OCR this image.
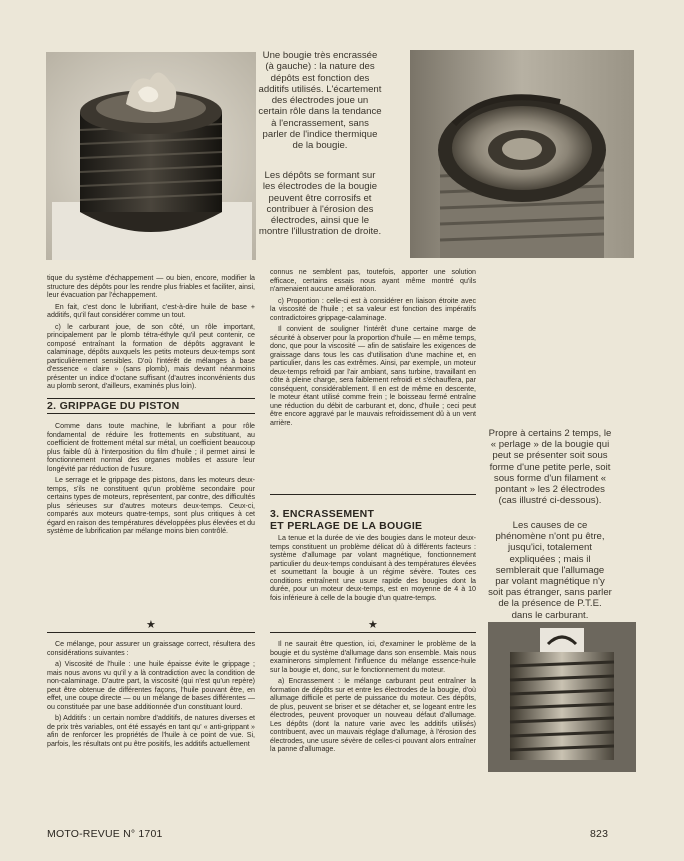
Une bougie très encrassée (à gauche) : la nature des dépôts est fonction des additifs utilisés. L'écartement des électrodes joue un certain rôle dans la tendance à l'encrassement, sans parler de l'indice thermique de la bougie.
Les dépôts se formant sur les électrodes de la bougie peuvent être corrosifs et contribuer à l'érosion des électrodes, ainsi que le montre l'illustration de droite.

tique du système d'échappement — ou bien, encore, modifier la structure des dépôts pour les rendre plus friables et faciliter, ainsi, leur évacuation par l'échappement.

En fait, c'est donc le lubrifiant, c'est-à-dire huile de base + additifs, qu'il faut considérer comme un tout.

c) le carburant joue, de son côté, un rôle important, principalement par le plomb tétra-éthyle qu'il peut contenir, ce composé entraînant la formation de dépôts aggravant le calaminage, dépôts auxquels les petits moteurs deux-temps sont particulièrement sensibles. D'où l'intérêt de mélanges à base d'essence « claire » (sans plomb), mais devant néanmoins présenter un indice d'octane suffisant (d'autres inconvénients dus au plomb seront, d'ailleurs, examinés plus loin).

2. GRIPPAGE DU PISTON

Comme dans toute machine, le lubrifiant a pour rôle fondamental de réduire les frottements en substituant, au coefficient de frottement métal sur métal, un coefficient beaucoup plus faible dû à l'interposition du film d'huile ; il permet ainsi le fonctionnement normal des organes mobiles et assure leur longévité par réduction de l'usure.

Le serrage et le grippage des pistons, dans les moteurs deux-temps, s'ils ne constituent qu'un problème secondaire pour certains types de moteurs, représentent, par contre, des difficultés plus sérieuses sur d'autres moteurs deux-temps. Ceux-ci, comparés aux moteurs quatre-temps, sont plus critiques à cet égard en raison des températures développées plus élevées et du système de lubrification par mélange moins bien contrôlé.

★

Ce mélange, pour assurer un graissage correct, résultera des considérations suivantes :

a) Viscosité de l'huile : une huile épaisse évite le grippage ; mais nous avons vu qu'il y a là contradiction avec la condition de non-calaminage. D'autre part, la viscosité (qui n'est qu'un repère) peut être obtenue de différentes façons, l'huile pouvant être, en effet, une coupe directe — ou un mélange de bases différentes — ou constituée par une base additionnée d'un constituant lourd.

b) Additifs : un certain nombre d'additifs, de natures diverses et de prix très variables, ont été essayés en tant qu' « anti-grippant » afin de renforcer les propriétés de l'huile à ce point de vue. Si, parfois, les résultats ont pu être positifs, les additifs actuellement

connus ne semblent pas, toutefois, apporter une solution efficace, certains essais nous ayant même montré qu'ils n'amenaient aucune amélioration.

c) Proportion : celle-ci est à considérer en liaison étroite avec la viscosité de l'huile ; et sa valeur est fonction des impératifs contradictoires grippage-calaminage.

Il convient de souligner l'intérêt d'une certaine marge de sécurité à observer pour la proportion d'huile — en même temps, donc, que pour la viscosité — afin de satisfaire les exigences de graissage dans tous les cas d'utilisation d'une machine et, en particulier, dans les cas extrêmes. Ainsi, par exemple, un moteur deux-temps refroidi par l'air ambiant, sans turbine, travaillant en côte à pleine charge, sera faiblement refroidi et s'échauffera, par conséquent, considérablement. Il en est de même en descente, le moteur étant utilisé comme frein ; le boisseau fermé entraîne une réduction du débit de carburant et, donc, d'huile ; ceci peut être encore aggravé par le mauvais refroidissement dû à un vent arrière.

3. ENCRASSEMENT
ET PERLAGE DE LA BOUGIE

La tenue et la durée de vie des bougies dans le moteur deux-temps constituent un problème délicat dû à différents facteurs : système d'allumage par volant magnétique, fonctionnement particulier du deux-temps conduisant à des températures élevées et soumettant la bougie à un régime sévère. Toutes ces conditions entraînent une usure rapide des bougies dont la durée, pour un moteur deux-temps, est en moyenne de 4 à 10 fois inférieure à celle de la bougie d'un quatre-temps.

★

Il ne saurait être question, ici, d'examiner le problème de la bougie et du système d'allumage dans son ensemble. Mais nous examinerons simplement l'influence du mélange essence-huile sur la bougie et, donc, sur le fonctionnement du moteur.

a) Encrassement : le mélange carburant peut entraîner la formation de dépôts sur et entre les électrodes de la bougie, d'où allumage difficile et perte de puissance du moteur. Ces dépôts, de plus, peuvent se briser et se détacher et, se logeant entre les électrodes, peuvent provoquer un nouveau défaut d'allumage. Les dépôts (dont la nature varie avec les additifs utilisés) contribuent, avec un mauvais réglage d'allumage, à l'érosion des électrodes, une usure sévère de celles-ci pouvant alors entraîner la panne d'allumage.

Propre à certains 2 temps, le « perlage » de la bougie qui peut se présenter soit sous forme d'une petite perle, soit sous forme d'un filament « pontant » les 2 électrodes (cas illustré ci-dessous).
Les causes de ce phénomène n'ont pu être, jusqu'ici, totalement expliquées ; mais il semblerait que l'allumage par volant magnétique n'y soit pas étranger, sans parler de la présence de P.T.E. dans le carburant.
MOTO-REVUE N° 1701	823
